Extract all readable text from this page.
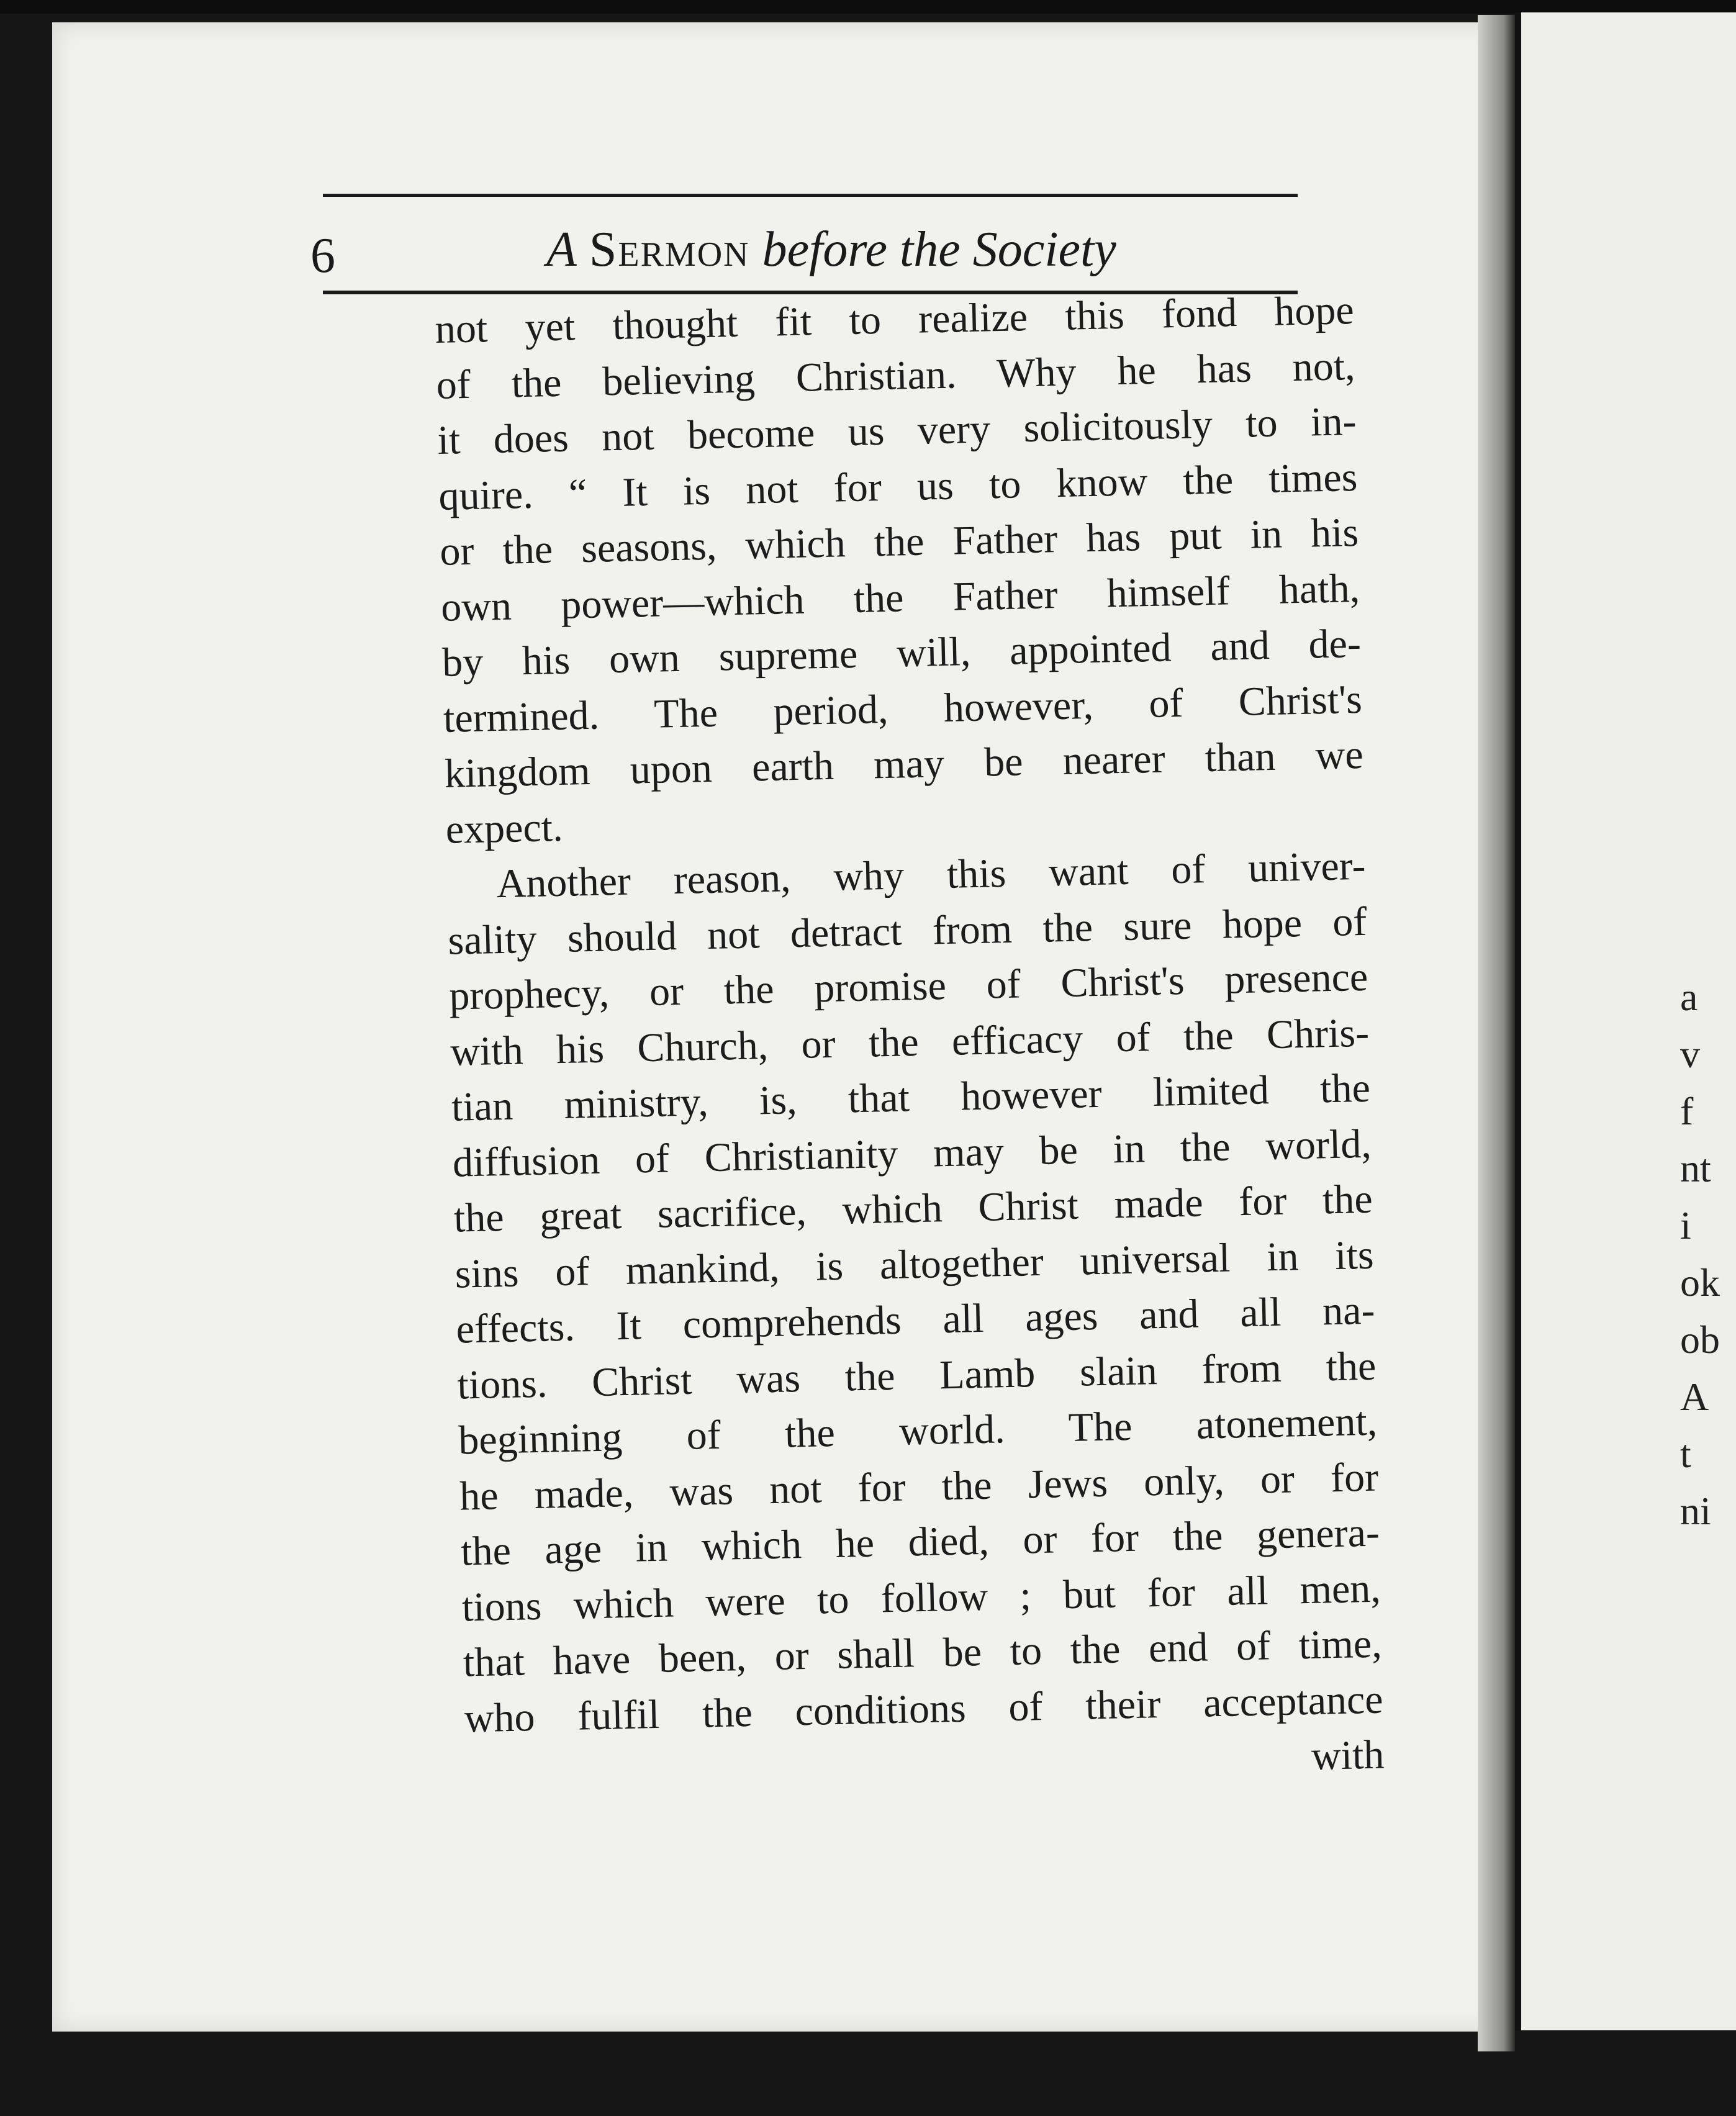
a
v
f
nt
i
ok
ob
A
t
ni
6	A Sermon before the Society
not yet thought fit to realize this fond hope
of the believing Christian. Why he has not,
it does not become us very solicitously to in-
quire. “ It is not for us to know the times
or the seasons, which the Father has put in his
own power—which the Father himself hath,
by his own supreme will, appointed and de-
termined. The period, however, of Christ's
kingdom upon earth may be nearer than we
expect.
Another reason, why this want of univer-
sality should not detract from the sure hope of
prophecy, or the promise of Christ's presence
with his Church, or the efficacy of the Chris-
tian ministry, is, that however limited the
diffusion of Christianity may be in the world,
the great sacrifice, which Christ made for the
sins of mankind, is altogether universal in its
effects. It comprehends all ages and all na-
tions. Christ was the Lamb slain from the
beginning of the world. The atonement,
he made, was not for the Jews only, or for
the age in which he died, or for the genera-
tions which were to follow ; but for all men,
that have been, or shall be to the end of time,
who fulfil the conditions of their acceptance
with
